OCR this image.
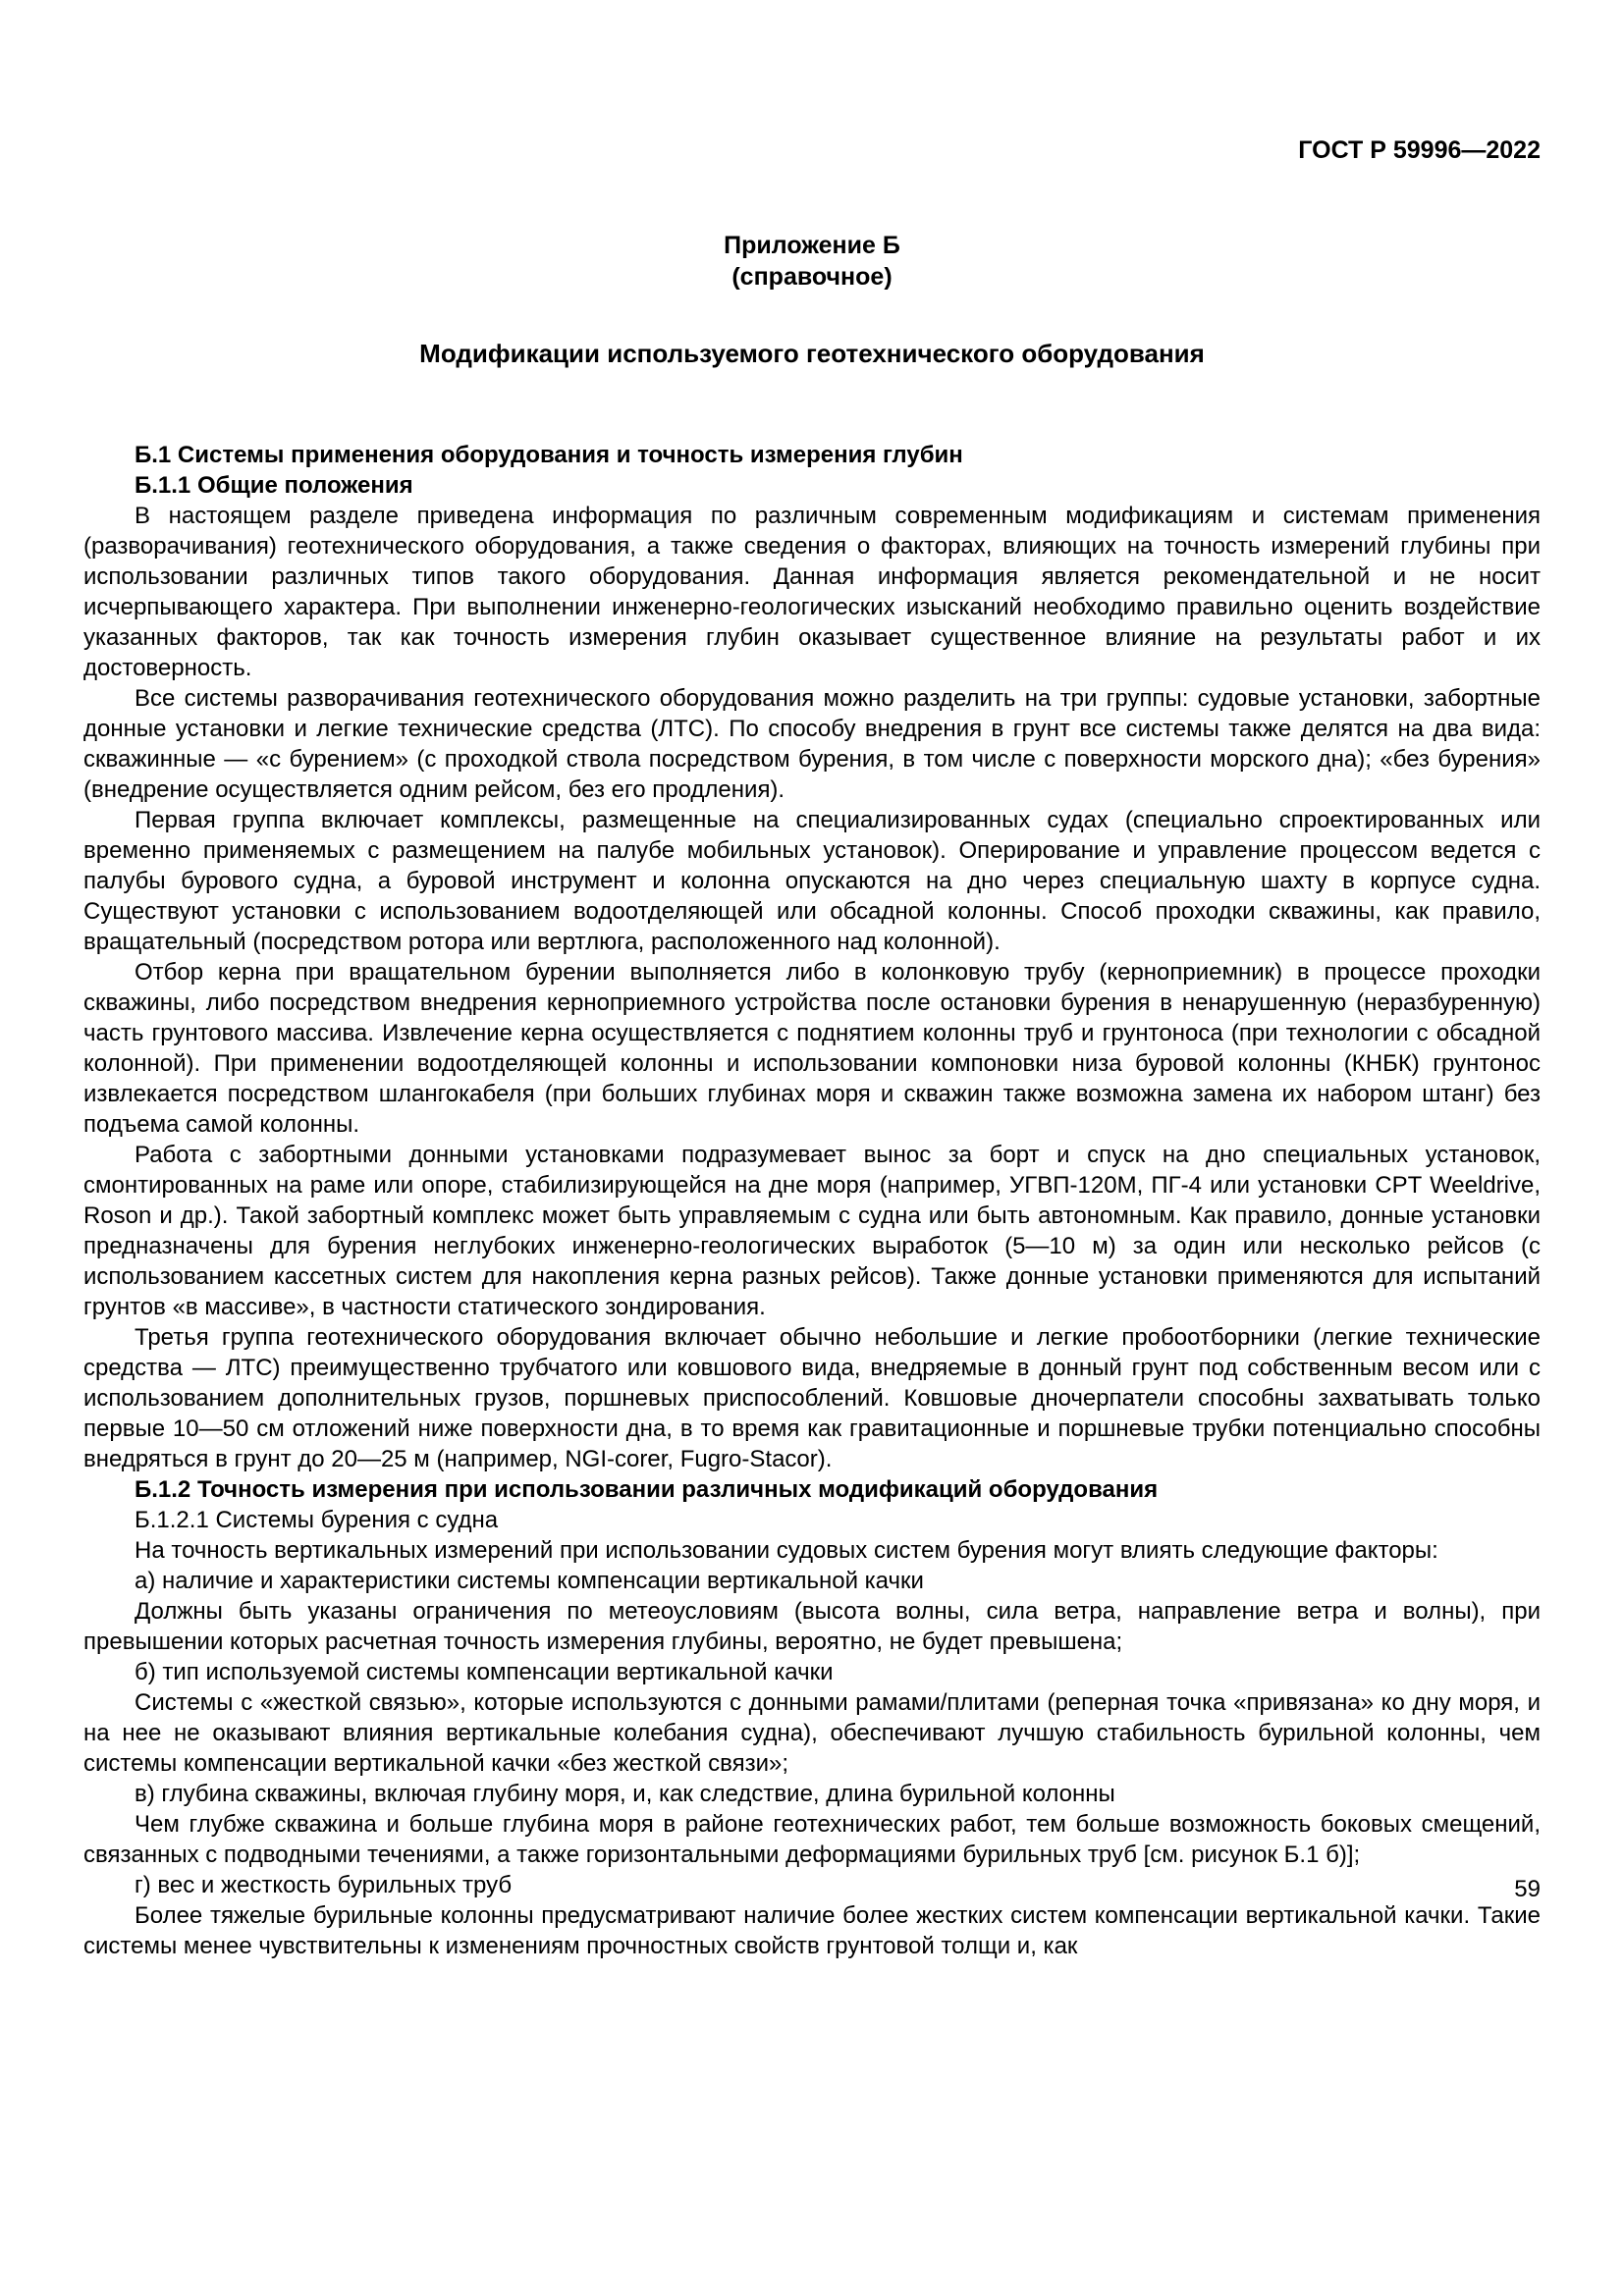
ГОСТ Р 59996—2022
Приложение Б
(справочное)
Модификации используемого геотехнического оборудования

Б.1 Системы применения оборудования и точность измерения глубин

Б.1.1 Общие положения

В настоящем разделе приведена информация по различным современным модификациям и системам применения (разворачивания) геотехнического оборудования, а также сведения о факторах, влияющих на точность измерений глубины при использовании различных типов такого оборудования. Данная информация является рекомендательной и не носит исчерпывающего характера. При выполнении инженерно-геологических изысканий необходимо правильно оценить воздействие указанных факторов, так как точность измерения глубин оказывает существенное влияние на результаты работ и их достоверность.

Все системы разворачивания геотехнического оборудования можно разделить на три группы: судовые установки, забортные донные установки и легкие технические средства (ЛТС). По способу внедрения в грунт все системы также делятся на два вида: скважинные — «с бурением» (с проходкой ствола посредством бурения, в том числе с поверхности морского дна); «без бурения» (внедрение осуществляется одним рейсом, без его продления).

Первая группа включает комплексы, размещенные на специализированных судах (специально спроектированных или временно применяемых с размещением на палубе мобильных установок). Оперирование и управление процессом ведется с палубы бурового судна, а буровой инструмент и колонна опускаются на дно через специальную шахту в корпусе судна. Существуют установки с использованием водоотделяющей или обсадной колонны. Способ проходки скважины, как правило, вращательный (посредством ротора или вертлюга, расположенного над колонной).

Отбор керна при вращательном бурении выполняется либо в колонковую трубу (керноприемник) в процессе проходки скважины, либо посредством внедрения керноприемного устройства после остановки бурения в ненарушенную (неразбуренную) часть грунтового массива. Извлечение керна осуществляется с поднятием колонны труб и грунтоноса (при технологии с обсадной колонной). При применении водоотделяющей колонны и использовании компоновки низа буровой колонны (КНБК) грунтонос извлекается посредством шлангокабеля (при больших глубинах моря и скважин также возможна замена их набором штанг) без подъема самой колонны.

Работа с забортными донными установками подразумевает вынос за борт и спуск на дно специальных установок, смонтированных на раме или опоре, стабилизирующейся на дне моря (например, УГВП-120М, ПГ-4 или установки CPT Weeldrive, Roson и др.). Такой забортный комплекс может быть управляемым с судна или быть автономным. Как правило, донные установки предназначены для бурения неглубоких инженерно-геологических выработок (5—10 м) за один или несколько рейсов (с использованием кассетных систем для накопления керна разных рейсов). Также донные установки применяются для испытаний грунтов «в массиве», в частности статического зондирования.

Третья группа геотехнического оборудования включает обычно небольшие и легкие пробоотборники (легкие технические средства — ЛТС) преимущественно трубчатого или ковшового вида, внедряемые в донный грунт под собственным весом или с использованием дополнительных грузов, поршневых приспособлений. Ковшовые дночерпатели способны захватывать только первые 10—50 см отложений ниже поверхности дна, в то время как гравитационные и поршневые трубки потенциально способны внедряться в грунт до 20—25 м (например, NGI-corer, Fugro-Stacor).

Б.1.2 Точность измерения при использовании различных модификаций оборудования

Б.1.2.1 Системы бурения с судна

На точность вертикальных измерений при использовании судовых систем бурения могут влиять следующие факторы:

а) наличие и характеристики системы компенсации вертикальной качки

Должны быть указаны ограничения по метеоусловиям (высота волны, сила ветра, направление ветра и волны), при превышении которых расчетная точность измерения глубины, вероятно, не будет превышена;

б) тип используемой системы компенсации вертикальной качки

Системы с «жесткой связью», которые используются с донными рамами/плитами (реперная точка «привязана» ко дну моря, и на нее не оказывают влияния вертикальные колебания судна), обеспечивают лучшую стабильность бурильной колонны, чем системы компенсации вертикальной качки «без жесткой связи»;

в) глубина скважины, включая глубину моря, и, как следствие, длина бурильной колонны

Чем глубже скважина и больше глубина моря в районе геотехнических работ, тем больше возможность боковых смещений, связанных с подводными течениями, а также горизонтальными деформациями бурильных труб [см. рисунок Б.1 б)];

г) вес и жесткость бурильных труб

Более тяжелые бурильные колонны предусматривают наличие более жестких систем компенсации вертикальной качки. Такие системы менее чувствительны к изменениям прочностных свойств грунтовой толщи и, как

59
